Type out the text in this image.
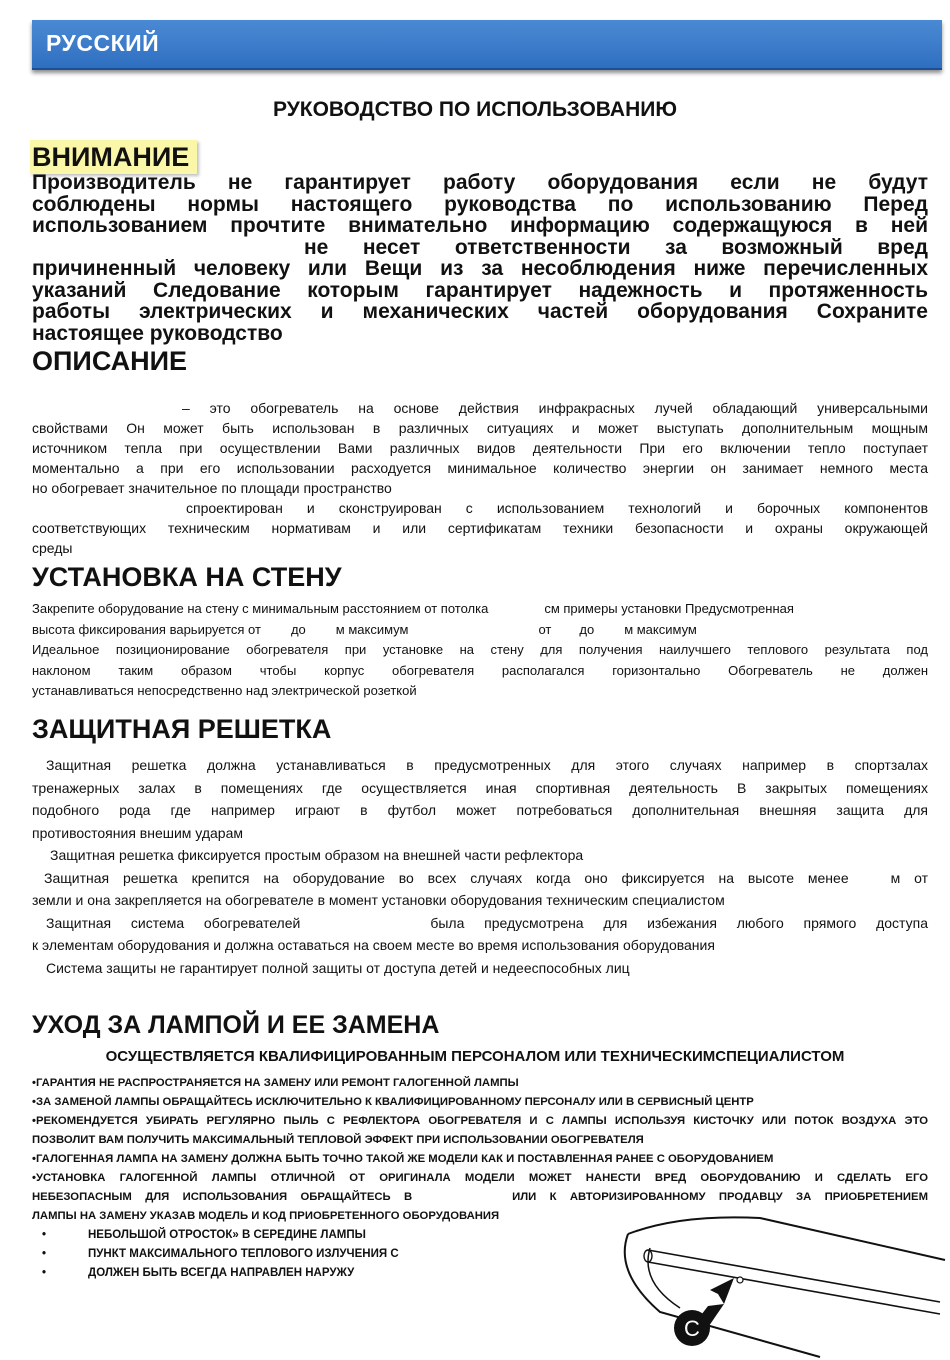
РУССКИЙ
РУКОВОДСТВО ПО ИСПОЛЬЗОВАНИЮ
ВНИМАНИЕ
Производитель не гарантирует работу оборудования если не будут
соблюдены нормы настоящего руководства по использованию Перед
использованием прочтите внимательно информацию содержащуюся в ней
не несет ответственности за возможный вред
причиненный человеку или Вещи из за несоблюдения ниже перечисленных
указаний Следование которым гарантирует надежность и протяженность
работы электрических и механических частей оборудования Сохраните
настоящее руководство
ОПИСАНИЕ
– это обогреватель на основе действия инфракрасных лучей обладающий универсальными
свойствами Он может быть использован в различных ситуациях и может выступать дополнительным мощным
источником тепла при осуществлении Вами различных видов деятельности При его включении тепло поступает
моментально а при его использовании расходуется минимальное количество энергии он занимает немного места
но обогревает значительное по площади пространство
спроектирован и сконструирован с использованием технологий и борочных компонентов
соответствующих техническим нормативам и или сертификатам техники безопасности и охраны окружающей
среды
УСТАНОВКА НА СТЕНУ
Закрепите оборудование на стену с минимальным расстоянием от потолка	см примеры установки Предусмотренная
высота фиксирования варьируется от до м максимум	от до м максимум
Идеальное позиционирование обогревателя при установке на стену для получения наилучшего теплового результата под
наклоном таким образом чтобы корпус обогревателя располагался горизонтально Обогреватель не должен
устанавливаться непосредственно над электрической розеткой
ЗАЩИТНАЯ РЕШЕТКА
Защитная решетка должна устанавливаться в предусмотренных для этого случаях например в спортзалах
тренажерных залах в помещениях где осуществляется иная спортивная деятельность В закрытых помещениях
подобного рода где например играют в футбол может потребоваться дополнительная внешняя защита для
противостояния внешим ударам
Защитная решетка фиксируется простым образом на внешней части рефлектора
Защитная решетка крепится на оборудование во всех случаях когда оно фиксируется на высоте менее	м от
земли и она закрепляется на обогревателе в момент установки оборудования техническим специалистом
Защитная система обогревателей	была предусмотрена для избежания любого прямого доступа
к элементам оборудования и должна оставаться на своем месте во время использования оборудования
Система защиты не гарантирует полной защиты от доступа детей и недееспособных лиц
УХОД ЗА ЛАМПОЙ И ЕЕ ЗАМЕНА
ОСУЩЕСТВЛЯЕТСЯ КВАЛИФИЦИРОВАННЫМ ПЕРСОНАЛОМ ИЛИ ТЕХНИЧЕСКИМСПЕЦИАЛИСТОМ
•ГАРАНТИЯ НЕ РАСПРОСТРАНЯЕТСЯ НА ЗАМЕНУ ИЛИ РЕМОНТ ГАЛОГЕННОЙ ЛАМПЫ
•ЗА ЗАМЕНОЙ ЛАМПЫ ОБРАЩАЙТЕСЬ ИСКЛЮЧИТЕЛЬНО К КВАЛИФИЦИРОВАННОМУ ПЕРСОНАЛУ ИЛИ В СЕРВИСНЫЙ ЦЕНТР
•РЕКОМЕНДУЕТСЯ УБИРАТЬ РЕГУЛЯРНО ПЫЛЬ С РЕФЛЕКТОРА ОБОГРЕВАТЕЛЯ И С ЛАМПЫ ИСПОЛЬЗУЯ КИСТОЧКУ ИЛИ ПОТОК ВОЗДУХА ЭТО
ПОЗВОЛИТ ВАМ ПОЛУЧИТЬ МАКСИМАЛЬНЫЙ ТЕПЛОВОЙ ЭФФЕКТ ПРИ ИСПОЛЬЗОВАНИИ ОБОГРЕВАТЕЛЯ
•ГАЛОГЕННАЯ ЛАМПА НА ЗАМЕНУ ДОЛЖНА БЫТЬ ТОЧНО ТАКОЙ ЖЕ МОДЕЛИ КАК И ПОСТАВЛЕННАЯ РАНЕЕ С ОБОРУДОВАНИЕМ
•УСТАНОВКА ГАЛОГЕННОЙ ЛАМПЫ ОТЛИЧНОЙ ОТ ОРИГИНАЛА МОДЕЛИ МОЖЕТ НАНЕСТИ ВРЕД ОБОРУДОВАНИЮ И СДЕЛАТЬ ЕГО
НЕБЕЗОПАСНЫМ ДЛЯ ИСПОЛЬЗОВАНИЯ ОБРАЩАЙТЕСЬ В	ИЛИ К АВТОРИЗИРОВАННОМУ ПРОДАВЦУ ЗА ПРИОБРЕТЕНИЕМ
ЛАМПЫ НА ЗАМЕНУ УКАЗАВ МОДЕЛЬ И КОД ПРИОБРЕТЕННОГО ОБОРУДОВАНИЯ
•	НЕБОЛЬШОЙ ОТРОСТОК» В СЕРЕДИНЕ ЛАМПЫ
•	ПУНКТ МАКСИМАЛЬНОГО ТЕПЛОВОГО ИЗЛУЧЕНИЯ С
•	ДОЛЖЕН БЫТЬ ВСЕГДА НАПРАВЛЕН НАРУЖУ
C
